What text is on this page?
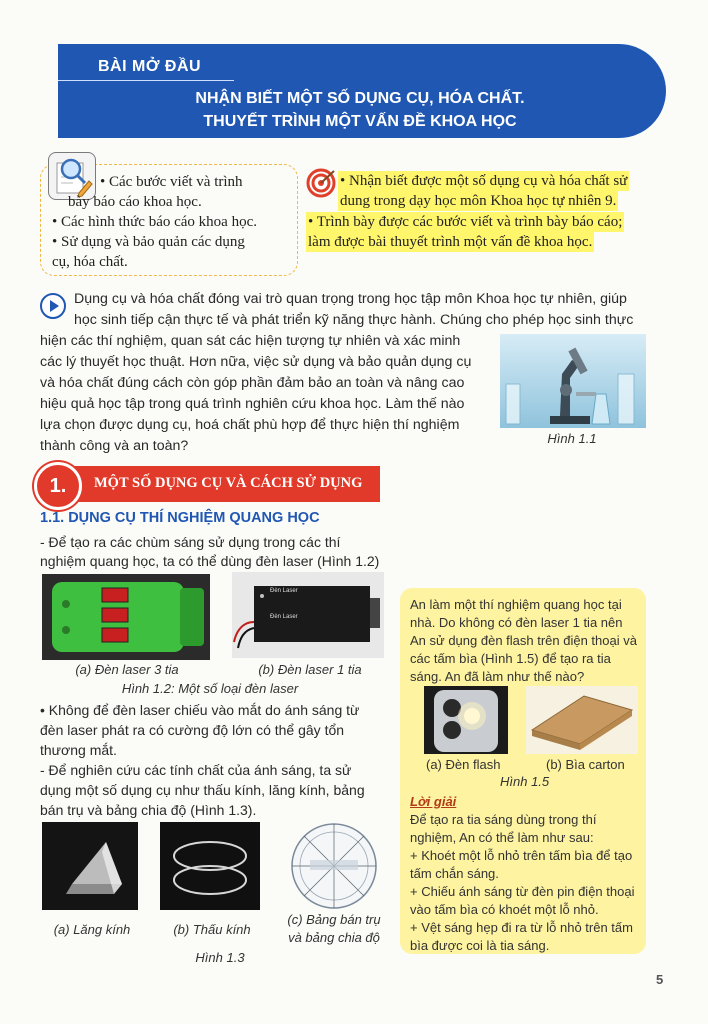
BÀI MỞ ĐẦU
NHẬN BIẾT MỘT SỐ DỤNG CỤ, HÓA CHẤT.
THUYẾT TRÌNH MỘT VẤN ĐỀ KHOA HỌC
• Các bước viết và trình
bày báo cáo khoa học.
• Các hình thức báo cáo khoa học.
• Sử dụng và bảo quản các dụng
cụ, hóa chất.
• Nhận biết được một số dụng cụ và hóa chất sử
dung trong dạy học môn Khoa học tự nhiên 9.
• Trình bày được các bước viết và trình bày báo cáo;
làm được bài thuyết trình một vấn đề khoa học.
Dụng cụ và hóa chất đóng vai trò quan trọng trong học tập môn Khoa học tự nhiên, giúp
học sinh tiếp cận thực tế và phát triển kỹ năng thực hành. Chúng cho phép học sinh thực
hiện các thí nghiệm, quan sát các hiện tượng tự nhiên và xác minh
các lý thuyết học thuật. Hơn nữa, việc sử dụng và bảo quản dụng cụ
và hóa chất đúng cách còn góp phần đảm bảo an toàn và nâng cao
hiệu quả học tập trong quá trình nghiên cứu khoa học. Làm thế nào
lựa chọn được dụng cụ, hoá chất phù hợp để thực hiện thí nghiệm
thành công và an toàn?	Hình 1.1
1.	MỘT SỐ DỤNG CỤ VÀ CÁCH SỬ DỤNG
1.1. DỤNG CỤ THÍ NGHIỆM QUANG HỌC
- Để tạo ra các chùm sáng sử dụng trong các thí
nghiệm quang học, ta có thể dùng đèn laser (Hình 1.2)
(a) Đèn laser 3 tia
Đèn Laser
Đèn Laser
(b) Đèn laser 1 tia
Hình 1.2: Một số loại đèn laser
• Không để đèn laser chiếu vào mắt do ánh sáng từ
đèn laser phát ra có cường độ lớn có thể gây tổn
thương mắt.
- Để nghiên cứu các tính chất của ánh sáng, ta sử
dụng một số dụng cụ như thấu kính, lăng kính, bảng
bán trụ và bảng chia độ (Hình 1.3).
(a) Lăng kính	(b) Thấu kính
(c) Bảng bán trụ
và bảng chia độ
Hình 1.3
An làm một thí nghiệm quang học tại
nhà. Do không có đèn laser 1 tia nên
An sử dụng đèn flash trên điện thoại và
các tấm bìa (Hình 1.5) để tạo ra tia
sáng. An đã làm như thế nào?
(a) Đèn flash	(b) Bìa carton
Hình 1.5
Lời giải
Để tạo ra tia sáng dùng trong thí
nghiệm, An có thể làm như sau:
+ Khoét một lỗ nhỏ trên tấm bìa để tạo
tấm chắn sáng.
+ Chiếu ánh sáng từ đèn pin điện thoại
vào tấm bìa có khoét một lỗ nhỏ.
+ Vệt sáng hẹp đi ra từ lỗ nhỏ trên tấm
bìa được coi là tia sáng.
5
